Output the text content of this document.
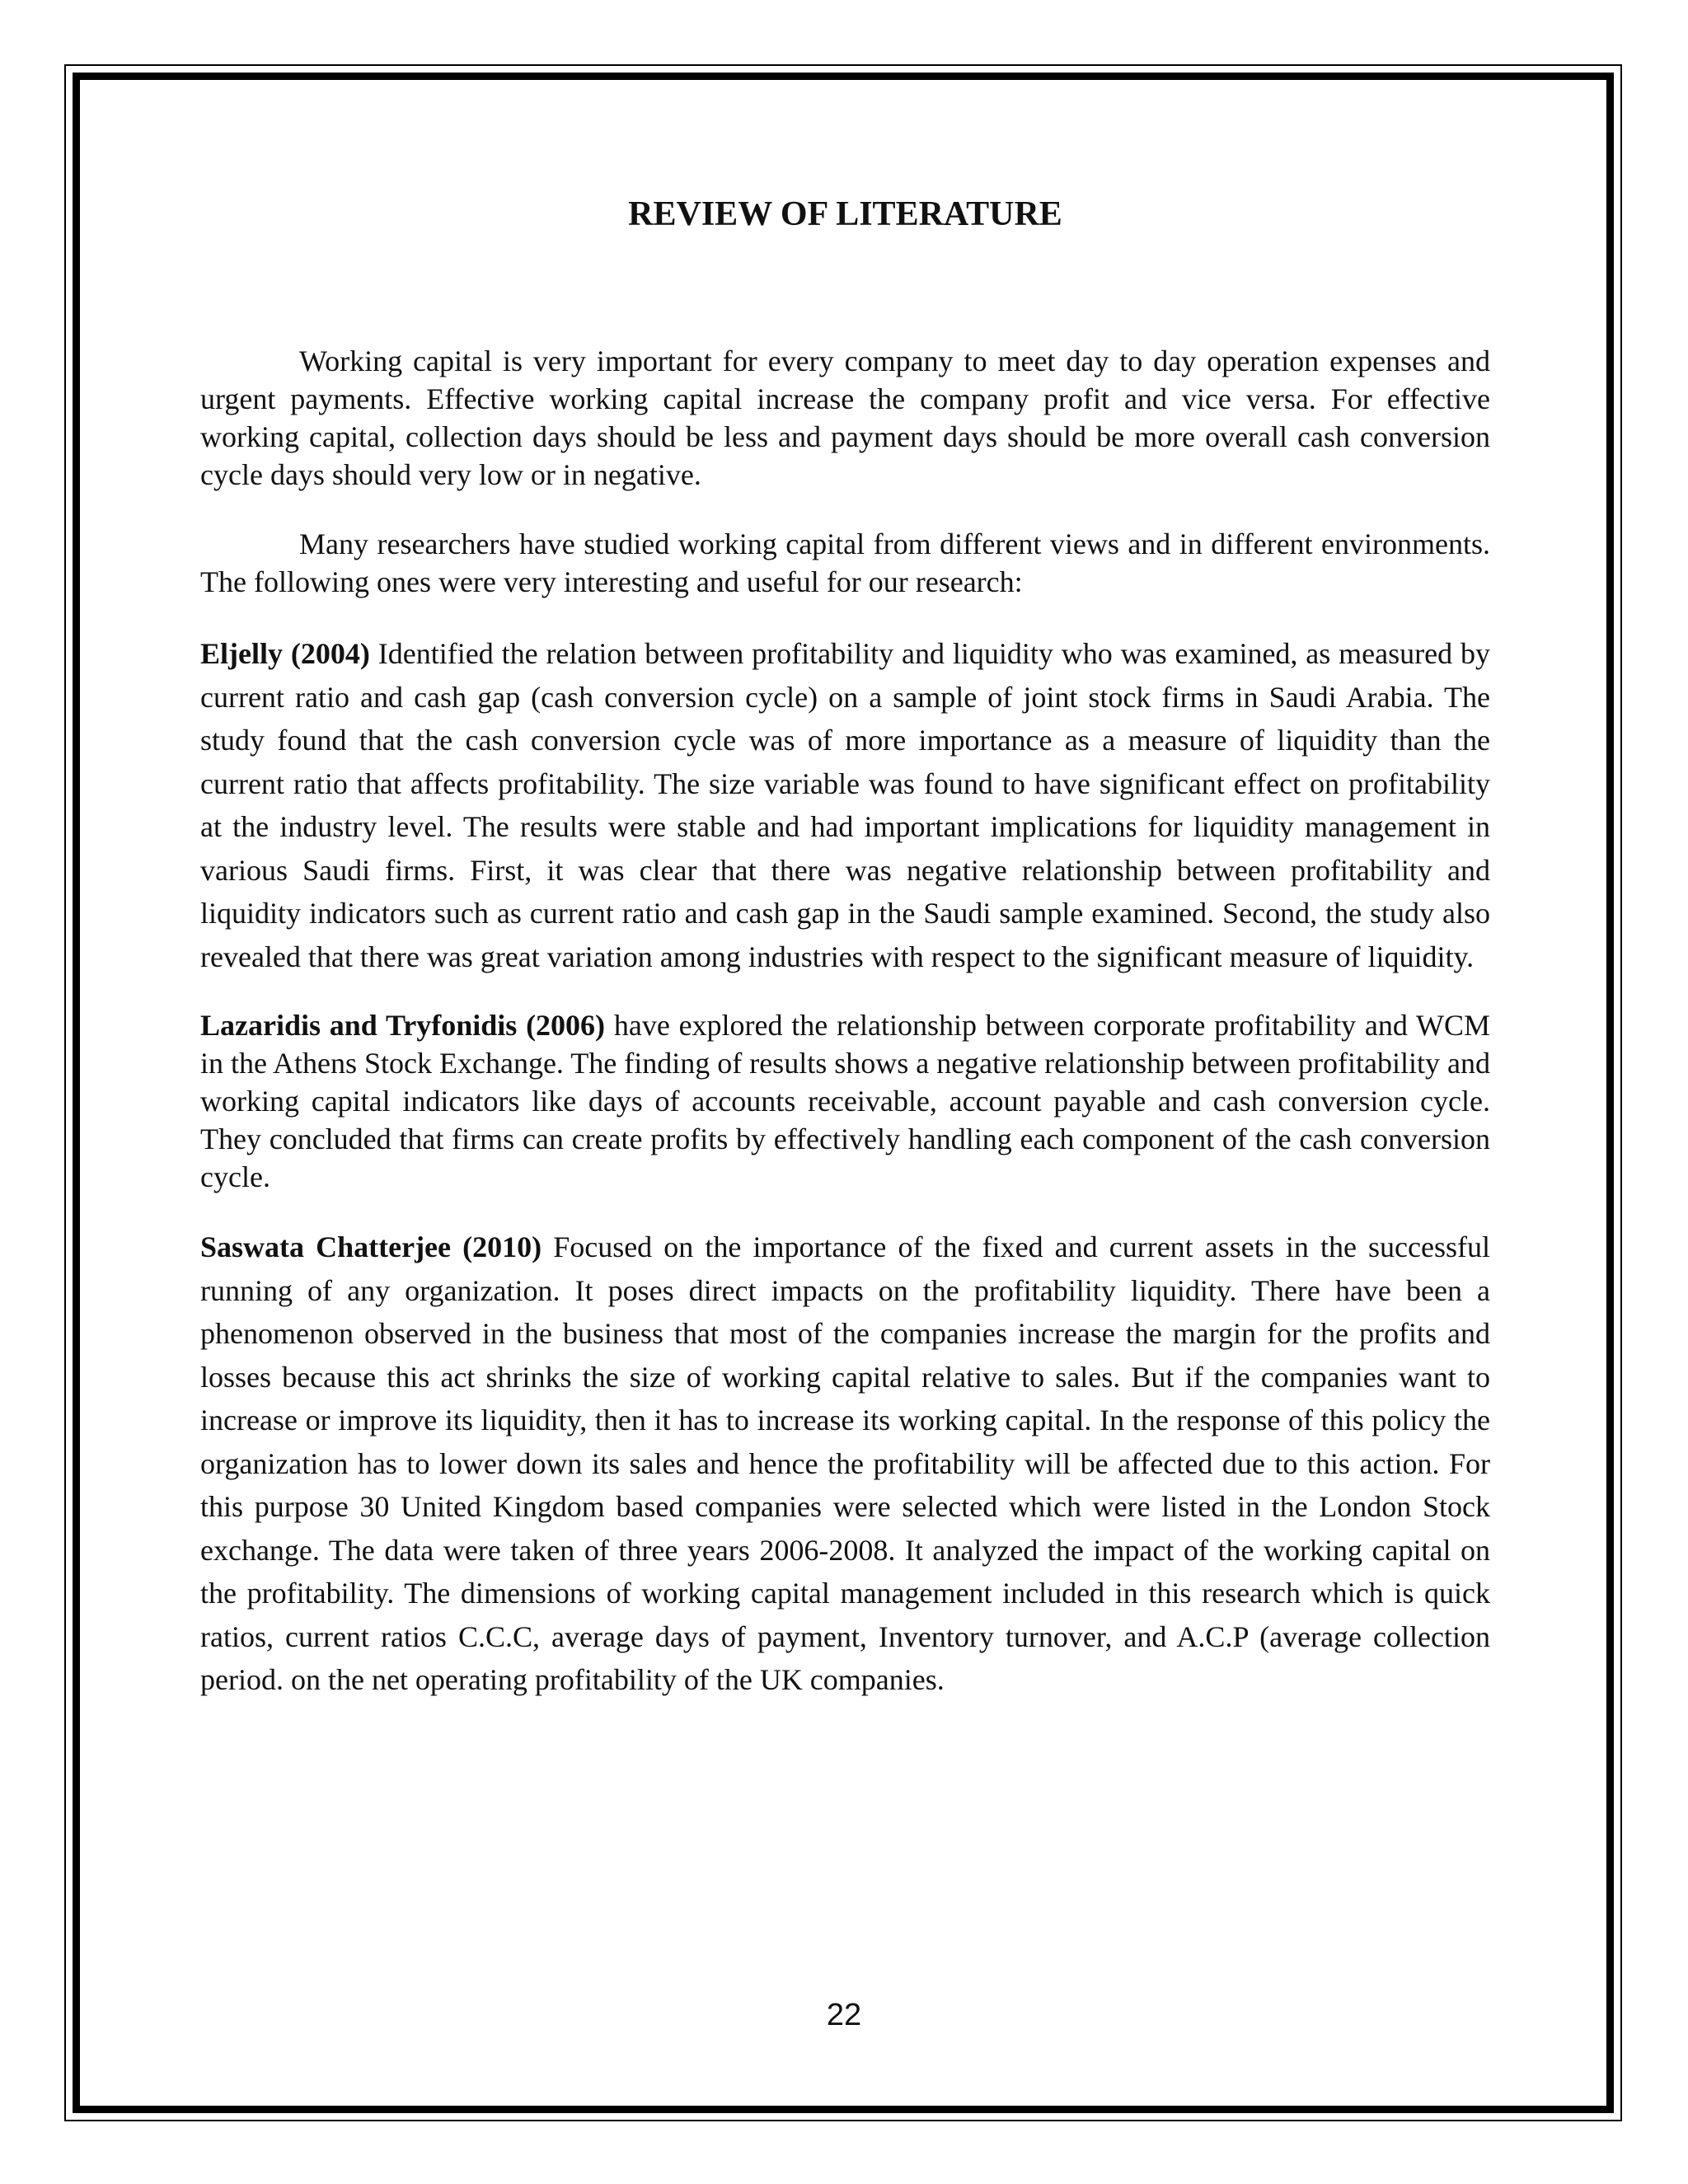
REVIEW OF LITERATURE

Working capital is very important for every company to meet day to day operation expenses and urgent payments. Effective working capital increase the company profit and vice versa. For effective working capital, collection days should be less and payment days should be more overall cash conversion cycle days should very low or in negative.

Many researchers have studied working capital from different views and in different environments. The following ones were very interesting and useful for our research:

Eljelly (2004) Identified the relation between profitability and liquidity who was examined, as measured by current ratio and cash gap (cash conversion cycle) on a sample of joint stock firms in Saudi Arabia. The study found that the cash conversion cycle was of more importance as a measure of liquidity than the current ratio that affects profitability. The size variable was found to have significant effect on profitability at the industry level. The results were stable and had important implications for liquidity management in various Saudi firms. First, it was clear that there was negative relationship between profitability and liquidity indicators such as current ratio and cash gap in the Saudi sample examined. Second, the study also revealed that there was great variation among industries with respect to the significant measure of liquidity.

Lazaridis and Tryfonidis (2006) have explored the relationship between corporate profitability and WCM in the Athens Stock Exchange. The finding of results shows a negative relationship between profitability and working capital indicators like days of accounts receivable, account payable and cash conversion cycle. They concluded that firms can create profits by effectively handling each component of the cash conversion cycle.

Saswata Chatterjee (2010) Focused on the importance of the fixed and current assets in the successful running of any organization. It poses direct impacts on the profitability liquidity. There have been a phenomenon observed in the business that most of the companies increase the margin for the profits and losses because this act shrinks the size of working capital relative to sales. But if the companies want to increase or improve its liquidity, then it has to increase its working capital. In the response of this policy the organization has to lower down its sales and hence the profitability will be affected due to this action. For this purpose 30 United Kingdom based companies were selected which were listed in the London Stock exchange. The data were taken of three years 2006-2008. It analyzed the impact of the working capital on the profitability. The dimensions of working capital management included in this research which is quick ratios, current ratios C.C.C, average days of payment, Inventory turnover, and A.C.P (average collection period. on the net operating profitability of the UK companies.

22
